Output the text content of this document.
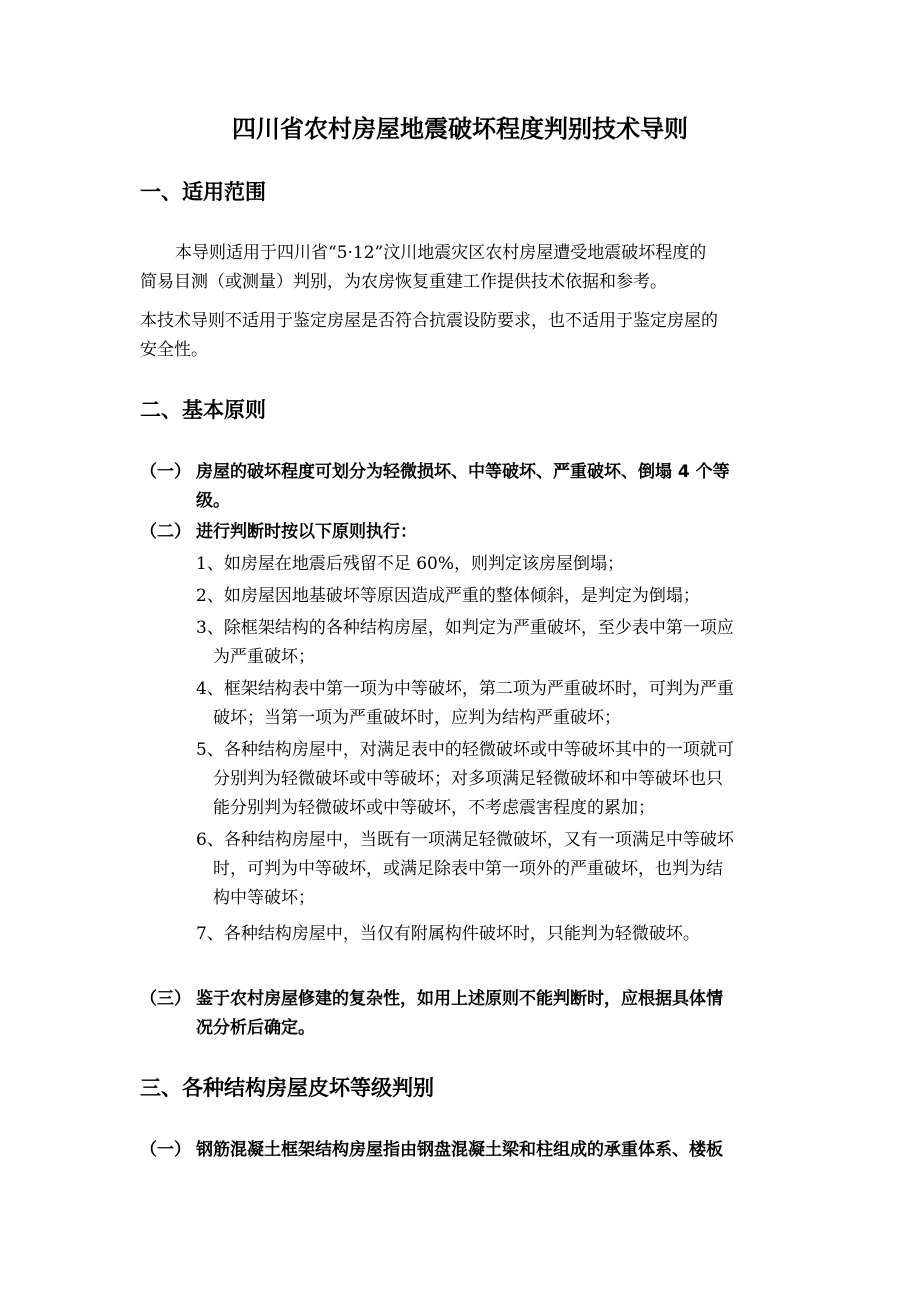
四川省农村房屋地震破坏程度判别技术导则
一、适用范围
本导则适用于四川省“5·12”汶川地震灾区农村房屋遭受地震破坏程度的
简易目测（或测量）判别，为农房恢复重建工作提供技术依据和参考。
本技术导则不适用于鉴定房屋是否符合抗震设防要求，也不适用于鉴定房屋的
安全性。
二、基本原则
（一） 房屋的破坏程度可划分为轻微损坏、中等破坏、严重破坏、倒塌 4 个等
级。
（二） 进行判断时按以下原则执行：
1、如房屋在地震后残留不足 60%，则判定该房屋倒塌；
2、如房屋因地基破坏等原因造成严重的整体倾斜，是判定为倒塌；
3、除框架结构的各种结构房屋，如判定为严重破坏，至少表中第一项应
为严重破坏；
4、框架结构表中第一项为中等破坏，第二项为严重破坏时，可判为严重
破坏；当第一项为严重破坏时，应判为结构严重破坏；
5、各种结构房屋中，对满足表中的轻微破坏或中等破坏其中的一项就可
分别判为轻微破坏或中等破坏；对多项满足轻微破坏和中等破坏也只
能分别判为轻微破坏或中等破坏，不考虑震害程度的累加；
6、各种结构房屋中，当既有一项满足轻微破坏，又有一项满足中等破坏
时，可判为中等破坏，或满足除表中第一项外的严重破坏，也判为结
构中等破坏；
7、各种结构房屋中，当仅有附属构件破坏时，只能判为轻微破坏。
（三） 鉴于农村房屋修建的复杂性，如用上述原则不能判断时，应根据具体情
况分析后确定。
三、各种结构房屋皮坏等级判别
（一） 钢筋混凝土框架结构房屋指由钢盘混凝土梁和柱组成的承重体系、楼板
